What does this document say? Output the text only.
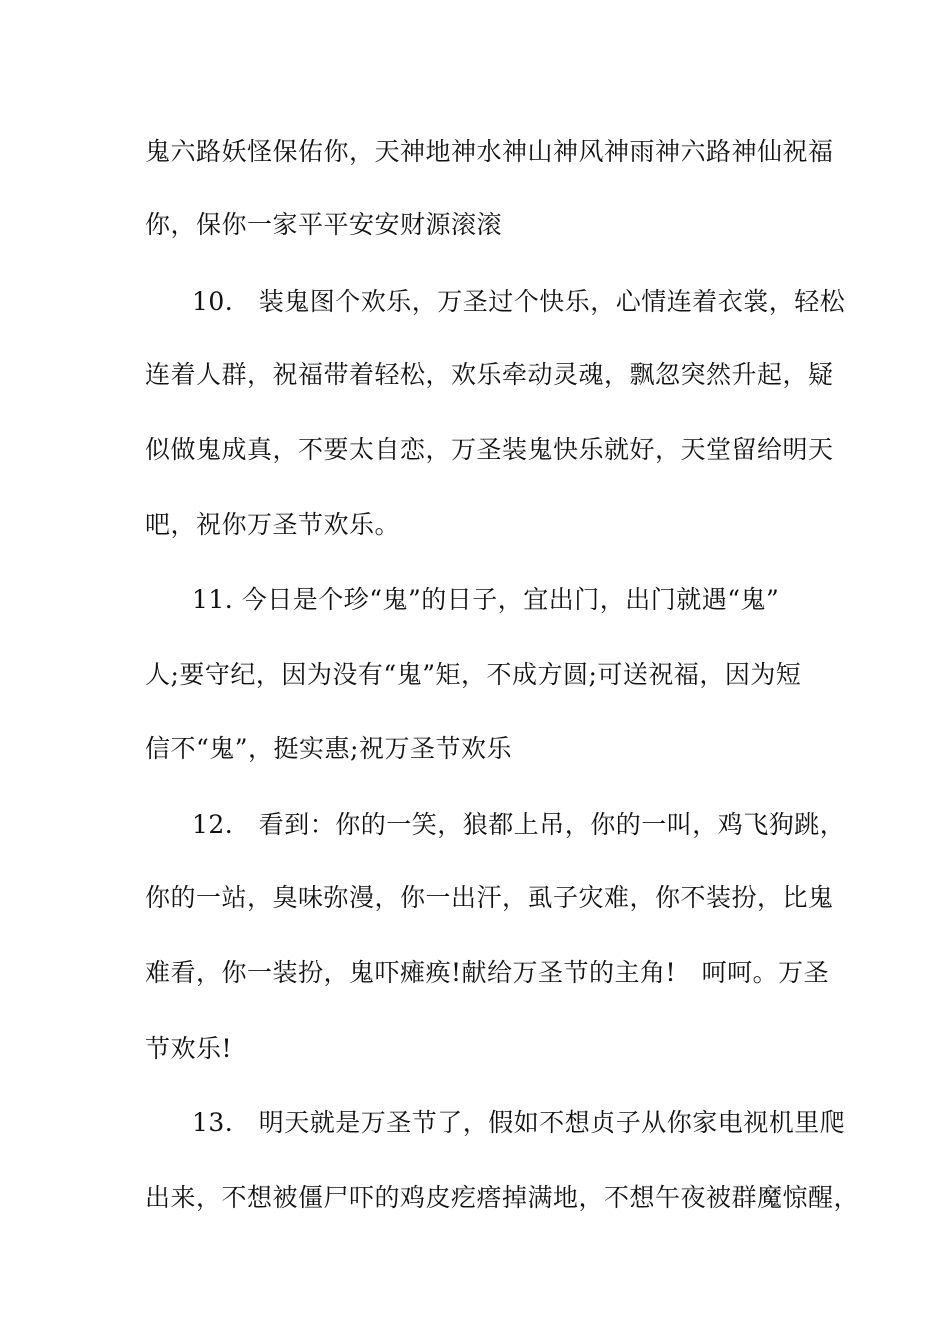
鬼六路妖怪保佑你，天神地神水神山神风神雨神六路神仙祝福
你，保你一家平平安安财源滚滚
10.　装鬼图个欢乐，万圣过个快乐，心情连着衣裳，轻松
连着人群，祝福带着轻松，欢乐牵动灵魂，飘忽突然升起，疑
似做鬼成真，不要太自恋，万圣装鬼快乐就好，天堂留给明天
吧，祝你万圣节欢乐。
11. 今日是个珍“鬼”的日子，宜出门，出门就遇“鬼”
人;要守纪，因为没有“鬼”矩，不成方圆;可送祝福，因为短
信不“鬼”，挺实惠;祝万圣节欢乐
12.　看到：你的一笑，狼都上吊，你的一叫，鸡飞狗跳，
你的一站，臭味弥漫，你一出汗，虱子灾难，你不装扮，比鬼
难看，你一装扮，鬼吓瘫痪!献给万圣节的主角!　呵呵。万圣
节欢乐!
13.　明天就是万圣节了，假如不想贞子从你家电视机里爬
出来，不想被僵尸吓的鸡皮疙瘩掉满地，不想午夜被群魔惊醒，
